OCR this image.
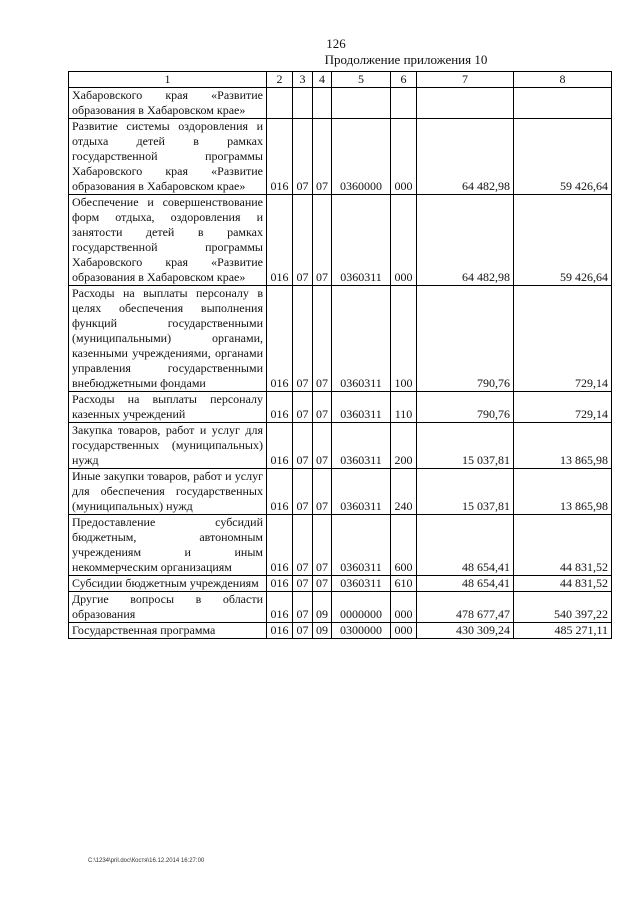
126
Продолжение приложения 10
1	2	3	4	5	6	7	8
Хабаровского края «Развитие образования в Хабаровском крае»							
Развитие системы оздоровления и отдыха детей в рамках государственной программы Хабаровского края «Развитие образования в Хабаровском крае»	016	07	07	0360000	000	64 482,98	59 426,64
Обеспечение и совершенствование форм отдыха, оздоровления и занятости детей в рамках государственной программы Хабаровского края «Развитие образования в Хабаровском крае»	016	07	07	0360311	000	64 482,98	59 426,64
Расходы на выплаты персоналу в целях обеспечения выполнения функций государственными (муниципальными) органами, казенными учреждениями, органами управления государственными внебюджетными фондами	016	07	07	0360311	100	790,76	729,14
Расходы на выплаты персоналу казенных учреждений	016	07	07	0360311	110	790,76	729,14
Закупка товаров, работ и услуг для государственных (муниципальных) нужд	016	07	07	0360311	200	15 037,81	13 865,98
Иные закупки товаров, работ и услуг для обеспечения государственных (муниципальных) нужд	016	07	07	0360311	240	15 037,81	13 865,98
Предоставление субсидий бюджетным, автономным учреждениям и иным некоммерческим организациям	016	07	07	0360311	600	48 654,41	44 831,52
Субсидии бюджетным учреждениям	016	07	07	0360311	610	48 654,41	44 831,52
Другие вопросы в области образования	016	07	09	0000000	000	478 677,47	540 397,22
Государственная программа	016	07	09	0300000	000	430 309,24	485 271,11
C:\1234\pril.doc\Костя\16.12.2014 16:27:00
